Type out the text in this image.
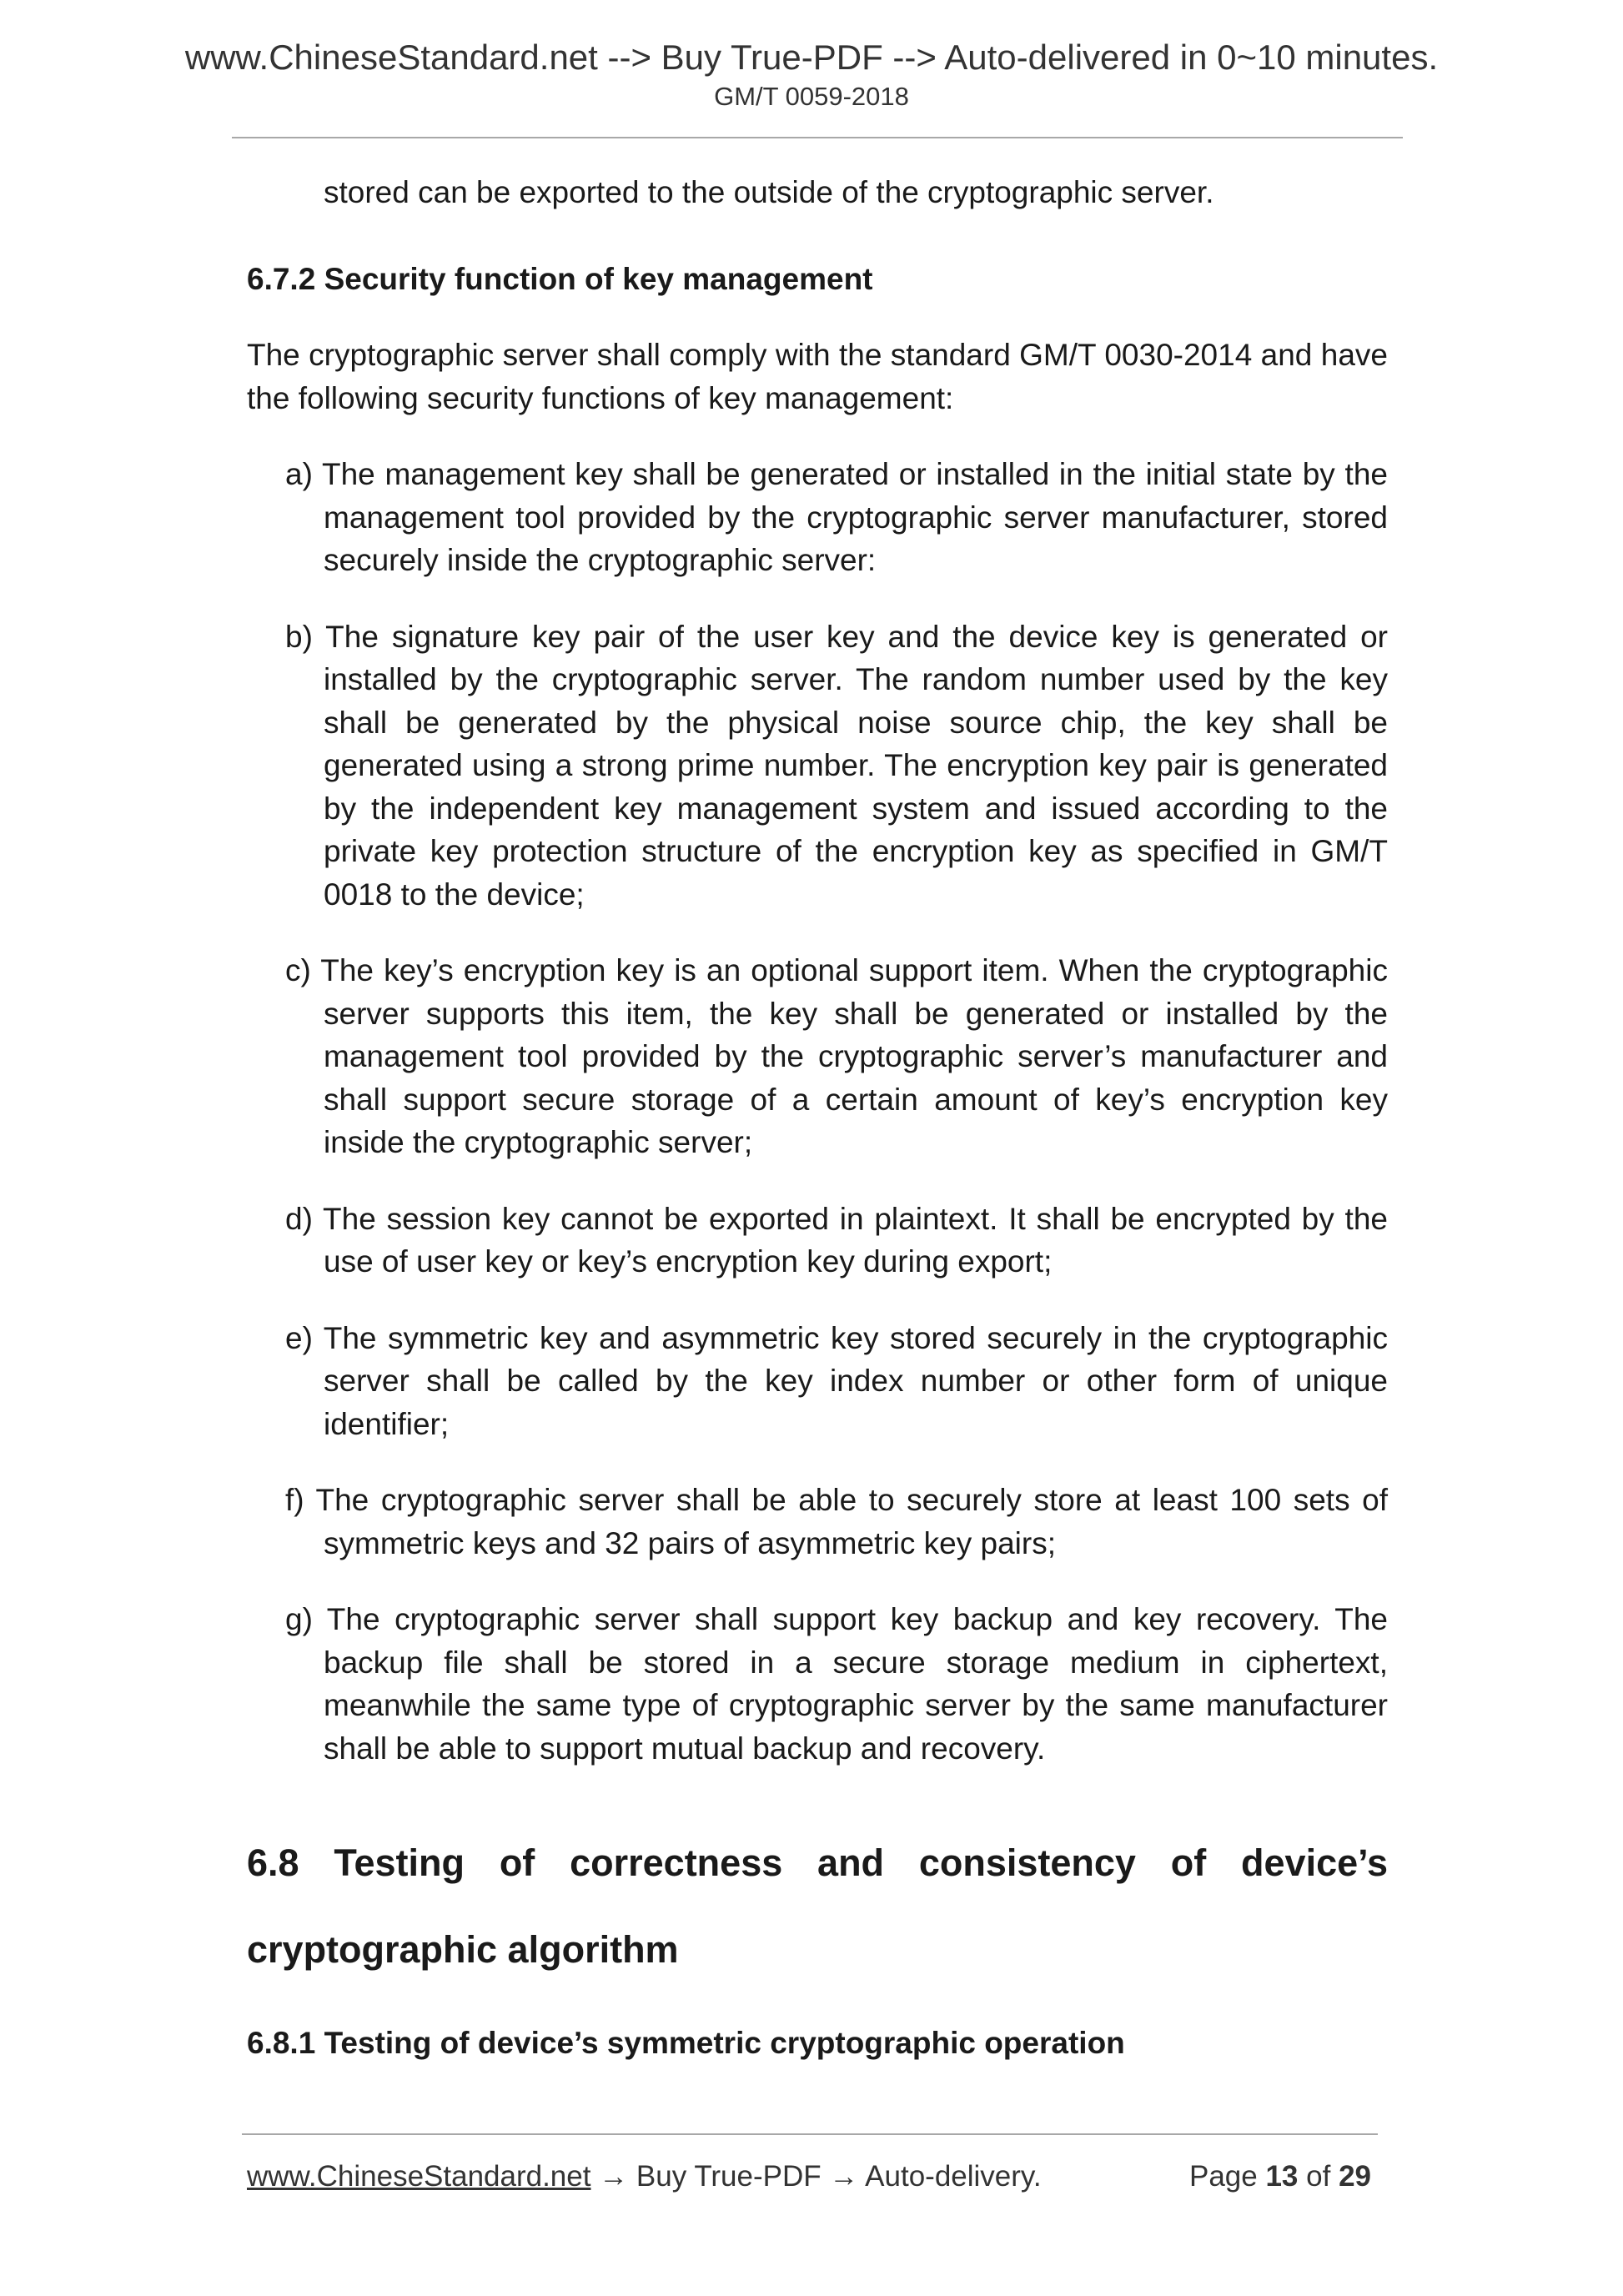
www.ChineseStandard.net --> Buy True-PDF --> Auto-delivered in 0~10 minutes.
GM/T 0059-2018

stored can be exported to the outside of the cryptographic server.

6.7.2 Security function of key management

The cryptographic server shall comply with the standard GM/T 0030-2014 and have the following security functions of key management:

a) The management key shall be generated or installed in the initial state by the management tool provided by the cryptographic server manufacturer, stored securely inside the cryptographic server:

b) The signature key pair of the user key and the device key is generated or installed by the cryptographic server. The random number used by the key shall be generated by the physical noise source chip, the key shall be generated using a strong prime number. The encryption key pair is generated by the independent key management system and issued according to the private key protection structure of the encryption key as specified in GM/T 0018 to the device;

c) The key’s encryption key is an optional support item. When the cryptographic server supports this item, the key shall be generated or installed by the management tool provided by the cryptographic server’s manufacturer and shall support secure storage of a certain amount of key’s encryption key inside the cryptographic server;

d) The session key cannot be exported in plaintext. It shall be encrypted by the use of user key or key’s encryption key during export;

e) The symmetric key and asymmetric key stored securely in the cryptographic server shall be called by the key index number or other form of unique identifier;

f) The cryptographic server shall be able to securely store at least 100 sets of symmetric keys and 32 pairs of asymmetric key pairs;

g) The cryptographic server shall support key backup and key recovery. The backup file shall be stored in a secure storage medium in ciphertext, meanwhile the same type of cryptographic server by the same manufacturer shall be able to support mutual backup and recovery.

6.8 Testing of correctness and consistency of device’s cryptographic algorithm

6.8.1 Testing of device’s symmetric cryptographic operation

www.ChineseStandard.net → Buy True-PDF → Auto-delivery.	Page 13 of 29
